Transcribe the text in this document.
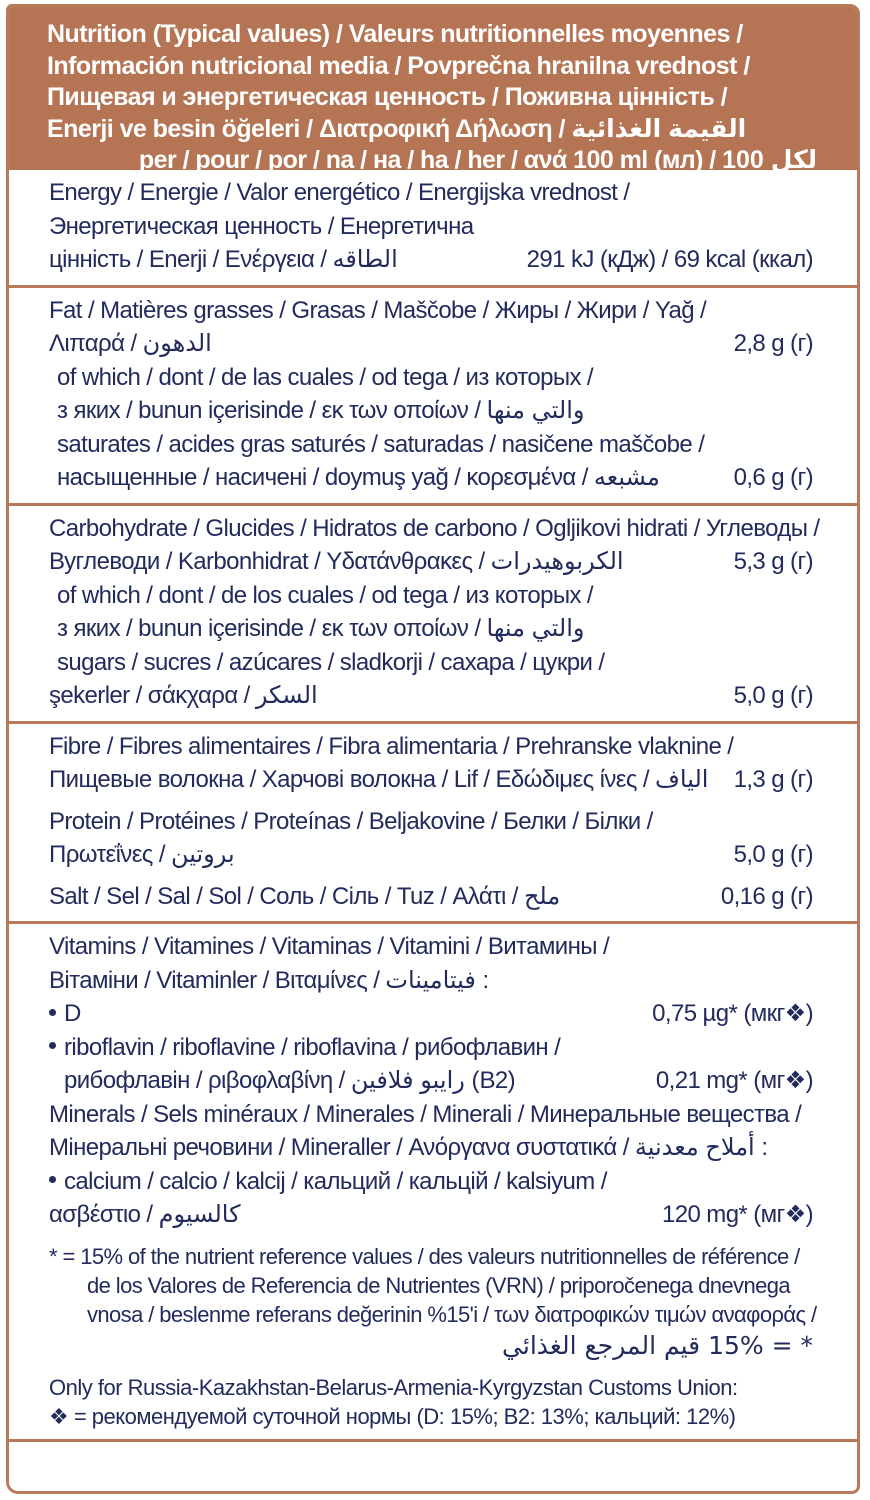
Nutrition (Typical values) / Valeurs nutritionnelles moyennes /
Información nutricional media / Povprečna hranilna vrednost /
Пищевая и энергетическая ценность / Поживна цінність /
Enerji ve besin öğeleri / Διατροφική Δήλωση / القيمة الغذائية
per / pour / por / na / на / ha / her / ανά 100 ml (мл) / لكل 100
Energy / Energie / Valor energético / Energijska vrednost /
Энергетическая ценность / Енергетична
цінність / Enerji / Ενέργεια / الطاقه	291 kJ (кДж) / 69 kcal (ккал)
Fat / Matières grasses / Grasas / Maščobe / Жиры / Жири / Yağ /
Λιπαρά / الدهون	2,8 g (г)
of which / dont / de las cuales / od tega / из которых /
з яких / bunun içerisinde / εκ των οποίων / والتي منها
saturates / acides gras saturés / saturadas / nasičene maščobe /
насыщенные / насичені / doymuş yağ / κορεσμένα / مشبعه	0,6 g (г)
Carbohydrate / Glucides / Hidratos de carbono / Ogljikovi hidrati / Углеводы /
Вуглеводи / Karbonhidrat / Υδατάνθρακες / الكربوهيدرات	5,3 g (г)
of which / dont / de los cuales / od tega / из которых /
з яких / bunun içerisinde / εκ των οποίων / والتي منها
sugars / sucres / azúcares / sladkorji / сахара / цукри /
şekerler / σάκχαρα / السكر	5,0 g (г)
Fibre / Fibres alimentaires / Fibra alimentaria / Prehranske vlaknine /
Пищевые волокна / Харчові волокна / Lif / Εδώδιμες ίνες / الياف 1,3 g (г)
Protein / Protéines / Proteínas / Beljakovine / Белки / Білки /
Πρωτεΐνες / بروتين	5,0 g (г)
Salt / Sel / Sal / Sol / Соль / Сіль / Tuz / Αλάτι / ملح	0,16 g (г)
Vitamins / Vitamines / Vitaminas / Vitamini / Витамины /
Вітаміни / Vitaminler / Βιταμίνες / فيتامينات :
D	0,75 µg* (мкг❖)
riboflavin / riboflavine / riboflavina / рибофлавин /
рибофлавін / ριβοφλαβίνη / رايبو فلافين (B2)	0,21 mg* (мг❖)
Minerals / Sels minéraux / Minerales / Minerali / Минеральные вещества /
Мінеральні речовини / Mineraller / Ανόργανα συστατικά / أملاح معدنية :
calcium / calcio / kalcij / кальций / кальцій / kalsiyum /
ασβέστιο / كالسيوم	120 mg* (мг❖)
* = 15% of the nutrient reference values / des valeurs nutritionnelles de référence /
de los Valores de Referencia de Nutrientes (VRN) / priporočenega dnevnega
vnosa / beslenme referans değerinin %15'i / των διατροφικών τιμών αναφοράς /
* = 15% قيم المرجع الغذائي
Only for Russia-Kazakhstan-Belarus-Armenia-Kyrgyzstan Customs Union:
❖ = рекомендуемой суточной нормы (D: 15%; B2: 13%; кальций: 12%)
